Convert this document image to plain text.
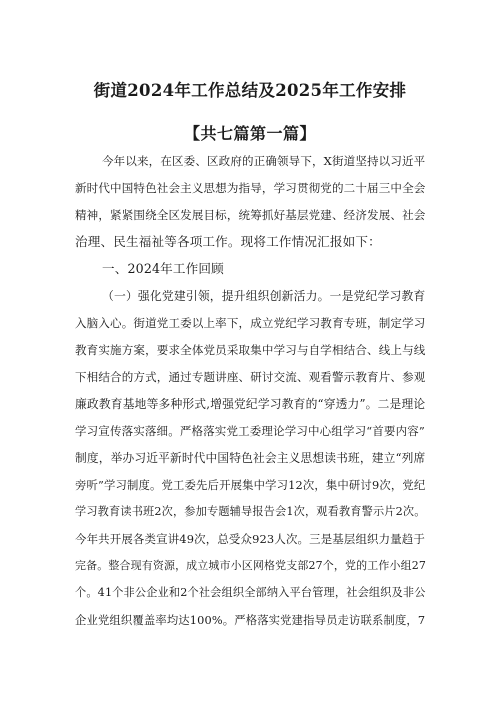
街道2024年工作总结及2025年工作安排
【共七篇第一篇】
今年以来，在区委、区政府的正确领导下，X街道坚持以习近平
新时代中国特色社会主义思想为指导，学习贯彻党的二十届三中全会
精神，紧紧围绕全区发展目标，统筹抓好基层党建、经济发展、社会
治理、民生福祉等各项工作。现将工作情况汇报如下：
一、2024年工作回顾
（一）强化党建引领，提升组织创新活力。一是党纪学习教育
入脑入心。街道党工委以上率下，成立党纪学习教育专班，制定学习
教育实施方案，要求全体党员采取集中学习与自学相结合、线上与线
下相结合的方式，通过专题讲座、研讨交流、观看警示教育片、参观
廉政教育基地等多种形式,增强党纪学习教育的“穿透力”。二是理论
学习宣传落实落细。严格落实党工委理论学习中心组学习“首要内容”
制度，举办习近平新时代中国特色社会主义思想读书班，建立“列席
旁听”学习制度。党工委先后开展集中学习12次，集中研讨9次，党纪
学习教育读书班2次，参加专题辅导报告会1次，观看教育警示片2次。
今年共开展各类宣讲49次，总受众923人次。三是基层组织力量趋于
完备。整合现有资源，成立城市小区网格党支部27个，党的工作小组27
个。41个非公企业和2个社会组织全部纳入平台管理，社会组织及非公
企业党组织覆盖率均达100%。严格落实党建指导员走访联系制度，7
